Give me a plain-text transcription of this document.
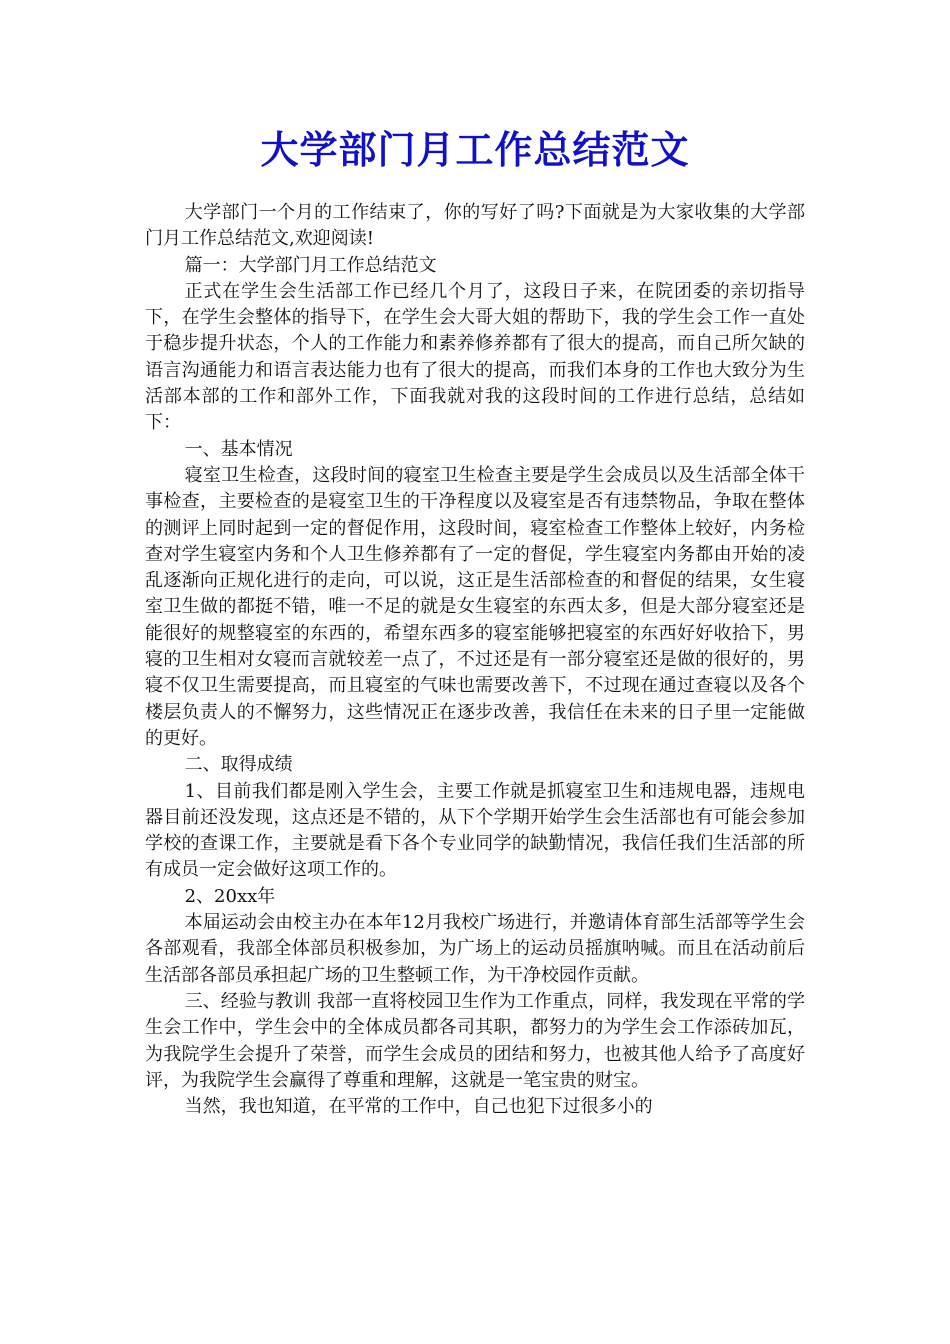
大学部门月工作总结范文

大学部门一个月的工作结束了，你的写好了吗?下面就是为大家收集的大学部门月工作总结范文,欢迎阅读!

篇一：大学部门月工作总结范文

正式在学生会生活部工作已经几个月了，这段日子来，在院团委的亲切指导下，在学生会整体的指导下，在学生会大哥大姐的帮助下，我的学生会工作一直处于稳步提升状态，个人的工作能力和素养修养都有了很大的提高，而自己所欠缺的语言沟通能力和语言表达能力也有了很大的提高，而我们本身的工作也大致分为生活部本部的工作和部外工作，下面我就对我的这段时间的工作进行总结，总结如下：

一、基本情况

寝室卫生检查，这段时间的寝室卫生检查主要是学生会成员以及生活部全体干事检查，主要检查的是寝室卫生的干净程度以及寝室是否有违禁物品，争取在整体的测评上同时起到一定的督促作用，这段时间，寝室检查工作整体上较好，内务检查对学生寝室内务和个人卫生修养都有了一定的督促，学生寝室内务都由开始的凌乱逐渐向正规化进行的走向，可以说，这正是生活部检查的和督促的结果，女生寝室卫生做的都挺不错，唯一不足的就是女生寝室的东西太多，但是大部分寝室还是能很好的规整寝室的东西的，希望东西多的寝室能够把寝室的东西好好收拾下，男寝的卫生相对女寝而言就较差一点了，不过还是有一部分寝室还是做的很好的，男寝不仅卫生需要提高，而且寝室的气味也需要改善下，不过现在通过查寝以及各个楼层负责人的不懈努力，这些情况正在逐步改善，我信任在未来的日子里一定能做的更好。

二、取得成绩

1、目前我们都是刚入学生会，主要工作就是抓寝室卫生和违规电器，违规电器目前还没发现，这点还是不错的，从下个学期开始学生会生活部也有可能会参加学校的查课工作，主要就是看下各个专业同学的缺勤情况，我信任我们生活部的所有成员一定会做好这项工作的。

2、20xx年

本届运动会由校主办在本年12月我校广场进行，并邀请体育部生活部等学生会各部观看，我部全体部员积极参加，为广场上的运动员摇旗呐喊。而且在活动前后生活部各部员承担起广场的卫生整顿工作，为干净校园作贡献。

三、经验与教训 我部一直将校园卫生作为工作重点，同样，我发现在平常的学生会工作中，学生会中的全体成员都各司其职，都努力的为学生会工作添砖加瓦，为我院学生会提升了荣誉，而学生会成员的团结和努力，也被其他人给予了高度好评，为我院学生会赢得了尊重和理解，这就是一笔宝贵的财宝。

当然，我也知道，在平常的工作中，自己也犯下过很多小的
